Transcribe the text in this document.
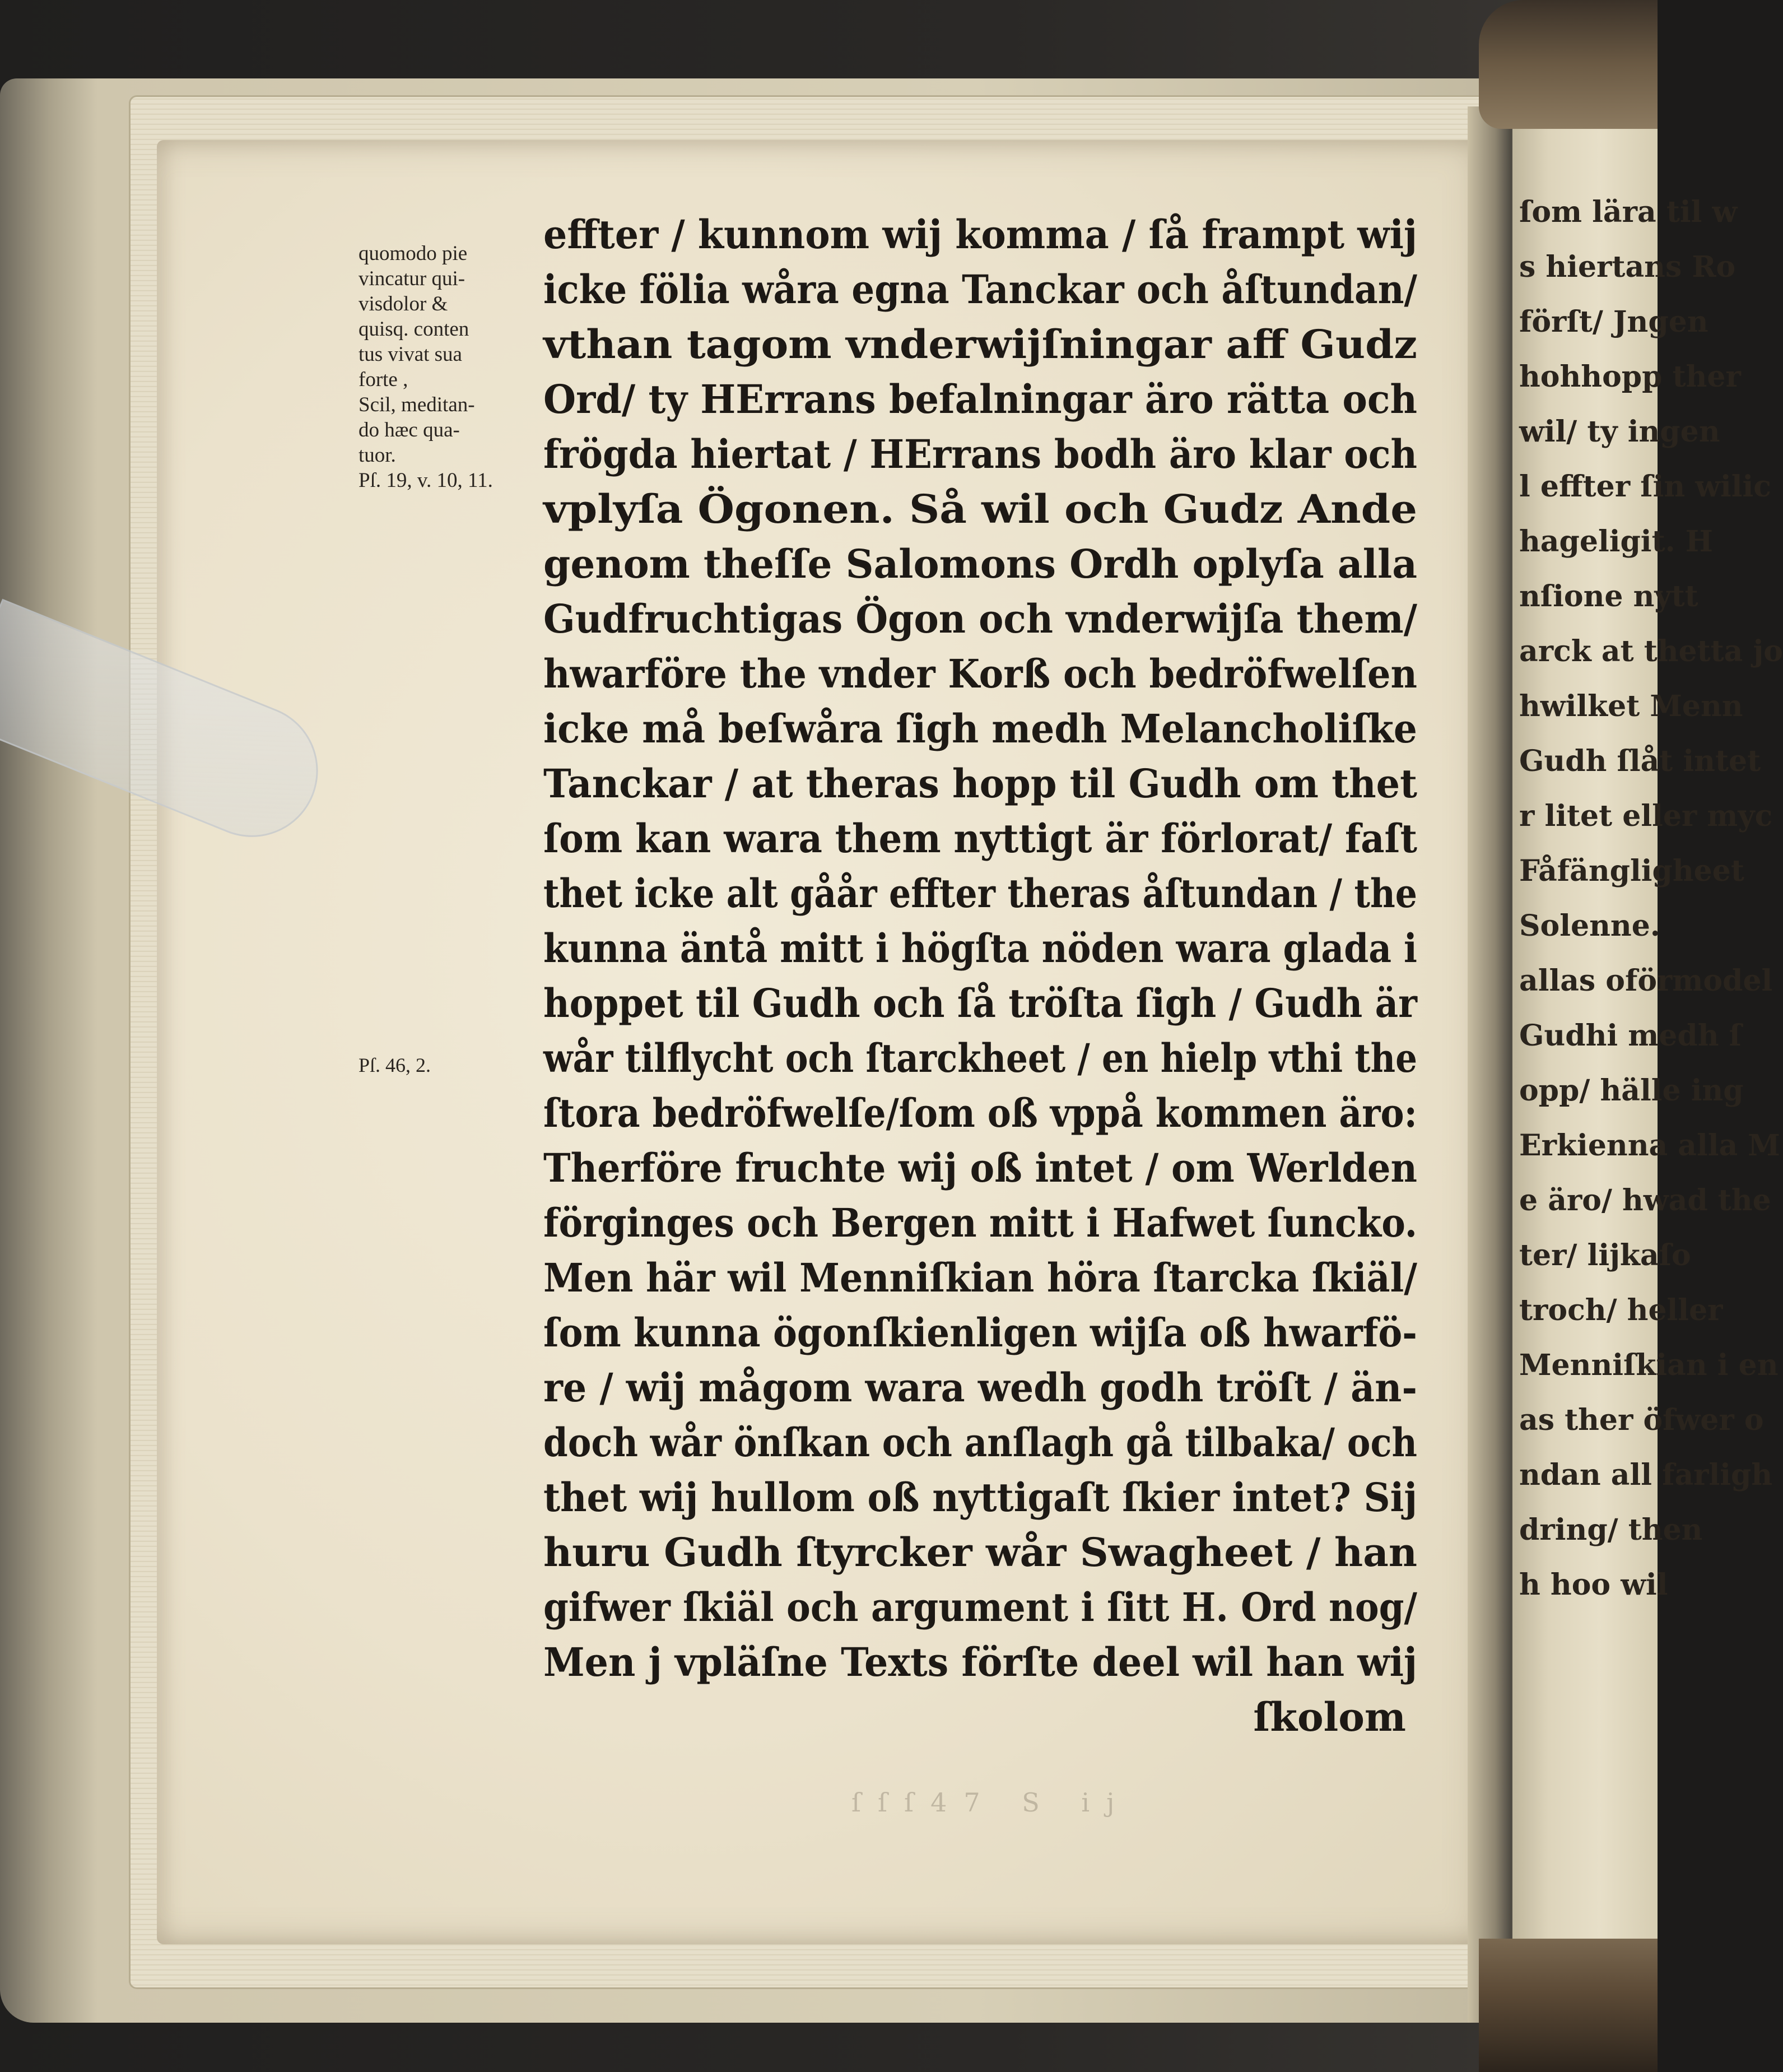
ſſſ47 S ij
quomodo pie
vincatur qui-
visdolor &
quisq. conten
tus vivat sua
forte ,
Scil, meditan-
do hæc qua-
tuor.
Pſ. 19, v. 10, 11.
Pſ. 46, 2.
effter / kunnom wij komma / ſå frampt wij
icke fölia wåra egna Tanckar och åſtundan/
vthan tagom vnderwijſningar aff Gudz
Ord/ ty HErrans befalningar äro rätta och
frögda hiertat / HErrans bodh äro klar och
vplyſa Ögonen. Så wil och Gudz Ande
genom theſſe Salomons Ordh oplyſa alla
Gudfruchtigas Ögon och vnderwijſa them/
hwarföre the vnder Korß och bedröfwelſen
icke må beſwåra ſigh medh Melancholiſke
Tanckar / at theras hopp til Gudh om thet
ſom kan wara them nyttigt är förlorat/ faſt
thet icke alt gåår effter theras åſtundan / the
kunna äntå mitt i högſta nöden wara glada i
hoppet til Gudh och ſå tröſta ſigh / Gudh är
wår tilflycht och ſtarckheet / en hielp vthi the
ſtora bedröfwelſe/ſom oß vppå kommen äro:
Therföre fruchte wij oß intet / om Werlden
förginges och Bergen mitt i Hafwet ſuncko.
Men här wil Menniſkian höra ſtarcka ſkiäl/
ſom kunna ögonſkienligen wijſa oß hwarfö-
re / wij mågom wara wedh godh tröſt / än-
doch wår önſkan och anſlagh gå tilbaka/ och
thet wij hullom oß nyttigaſt ſkier intet? Sij
huru Gudh ſtyrcker wår Swagheet / han
gifwer ſkiäl och argument i ſitt H. Ord nog/
Men j vpläſne Texts förſte deel wil han wij
ſkolom
ſom lära til w
s hiertans Ro
förſt/ Jngen
hohhopp ther
wil/ ty ingen
l effter ſin wilic
hageligit. H
nſione nytt
arck at thetta jo
hwilket Menn
Gudh ſlåt intet
r litet eller myc
Fåfängligheet
Solenne.
allas oförmodel
Gudhi medh ſ
opp/ hälle ing
Erkienna alla M
e äro/ hwad the
ter/ lijkaſo
troch/ heller
Menniſkian i en
as ther öfwer o
ndan all farligh
dring/ then
h hoo wil
